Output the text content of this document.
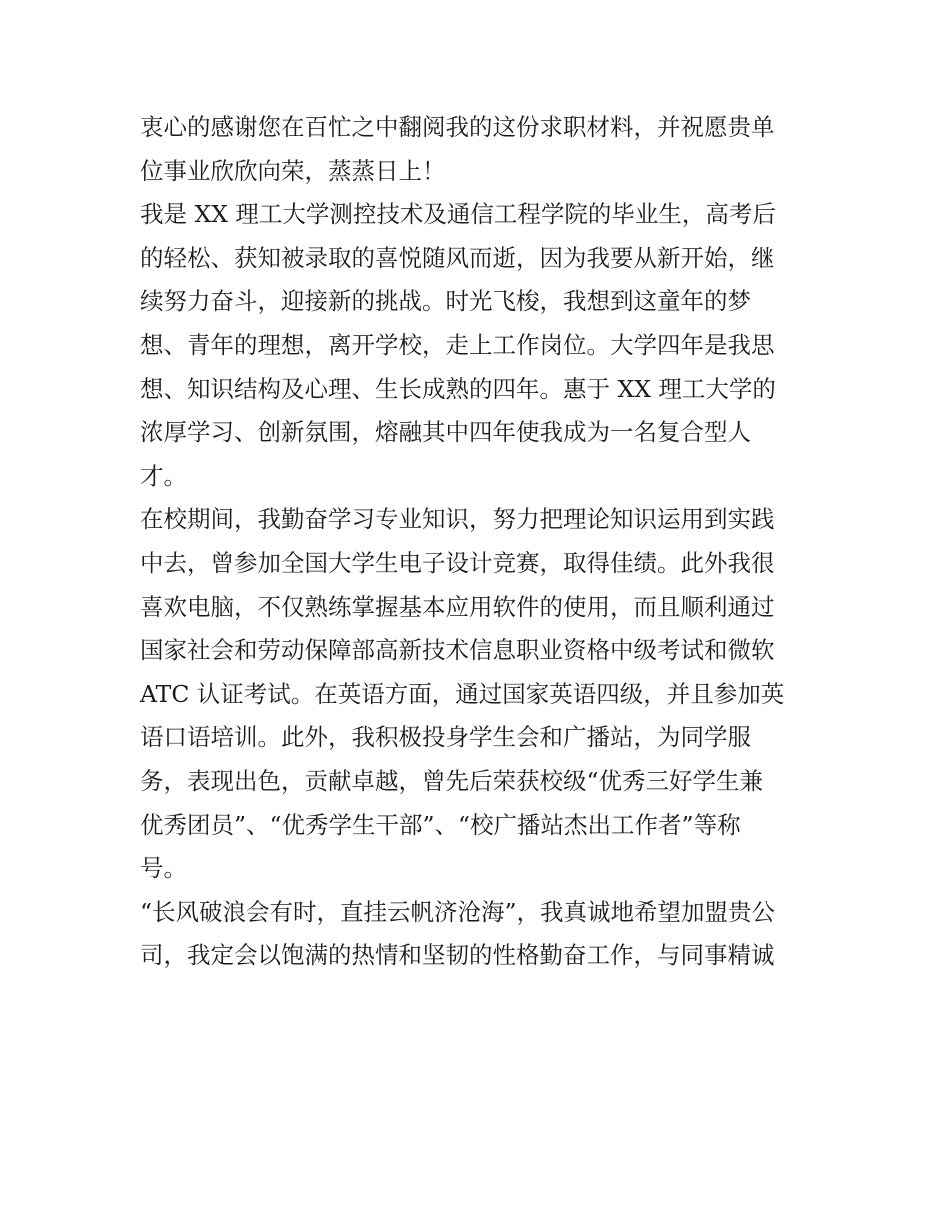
衷心的感谢您在百忙之中翻阅我的这份求职材料，并祝愿贵单
位事业欣欣向荣，蒸蒸日上！
我是 XX 理工大学测控技术及通信工程学院的毕业生，高考后
的轻松、获知被录取的喜悦随风而逝，因为我要从新开始，继
续努力奋斗，迎接新的挑战。时光飞梭，我想到这童年的梦
想、青年的理想，离开学校，走上工作岗位。大学四年是我思
想、知识结构及心理、生长成熟的四年。惠于 XX 理工大学的
浓厚学习、创新氛围，熔融其中四年使我成为一名复合型人
才。
在校期间，我勤奋学习专业知识，努力把理论知识运用到实践
中去，曾参加全国大学生电子设计竞赛，取得佳绩。此外我很
喜欢电脑，不仅熟练掌握基本应用软件的使用，而且顺利通过
国家社会和劳动保障部高新技术信息职业资格中级考试和微软
ATC 认证考试。在英语方面，通过国家英语四级，并且参加英
语口语培训。此外，我积极投身学生会和广播站，为同学服
务，表现出色，贡献卓越，曾先后荣获校级“优秀三好学生兼
优秀团员”、“优秀学生干部”、“校广播站杰出工作者”等称
号。
“长风破浪会有时，直挂云帆济沧海”，我真诚地希望加盟贵公
司，我定会以饱满的热情和坚韧的性格勤奋工作，与同事精诚
